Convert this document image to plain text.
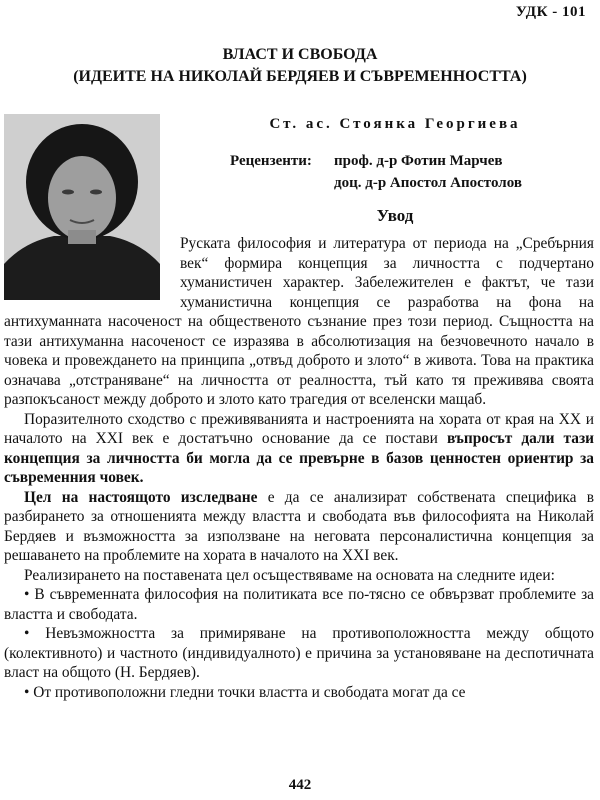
УДК - 101
ВЛАСТ И СВОБОДА
(ИДЕИТЕ НА НИКОЛАЙ БЕРДЯЕВ И СЪВРЕМЕННОСТТА)
Ст. ас. Стоянка Георгиева
Рецензенти:	проф. д-р Фотин Марчев
доц. д-р Апостол Апостолов
Увод

Руската философия и литература от периода на „Сребърния век“ формира концепция за личността с подчертано хуманистичен характер. Забележителен е фактът, че тази хуманистична концепция се разработва на фона на антихуманната насоченост на общественото съзнание през този период. Същността на тази антихуманна насоченост се изразява в абсолютизация на безчовечното начало в човека и провеждането на принципа „отвъд доброто и злото“ в живота. Това на практика означава „отстраняване“ на личността от реалността, тъй като тя преживява своята разпокъсаност между доброто и злото като трагедия от вселенски мащаб.

Поразителното сходство с преживяванията и настроенията на хората от края на XX и началото на XXI век е достатъчно основание да се постави въпросът дали тази концепция за личността би могла да се превърне в базов ценностен ориентир за съвременния човек.

Цел на настоящото изследване е да се анализират собствената специфика в разбирането за отношенията между властта и свободата във философията на Николай Бердяев и възможността за използване на неговата персоналистична концепция за решаването на проблемите на хората в началото на XXI век.

Реализирането на поставената цел осъществяваме на основата на следните идеи:

• В съвременната философия на политиката все по-тясно се обвързват проблемите за властта и свободата.

• Невъзможността за примиряване на противоположността между общото (колективното) и частното (индивидуалното) е причина за установяване на деспотичната власт на общото (Н. Бердяев).

• От противоположни гледни точки властта и свободата могат да се

442
